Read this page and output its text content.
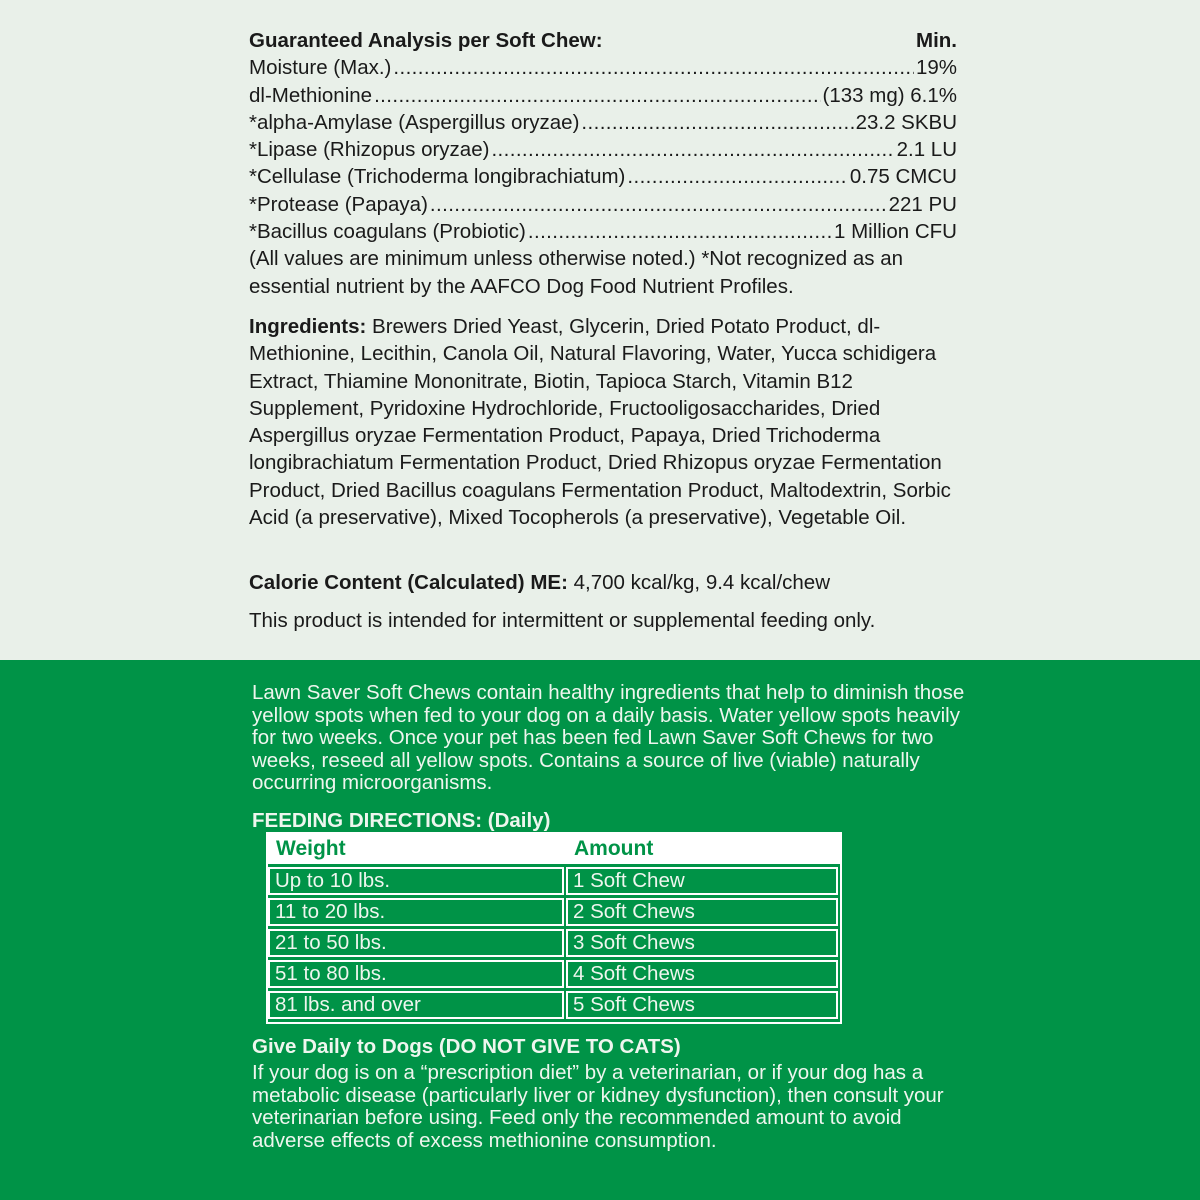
Guaranteed Analysis per Soft Chew:	Min.
Moisture (Max.) .....	19%
dl-Methionine .....	(133 mg) 6.1%
*alpha-Amylase (Aspergillus oryzae) .....	23.2 SKBU
*Lipase (Rhizopus oryzae) .....	2.1 LU
*Cellulase (Trichoderma longibrachiatum) .....	0.75 CMCU
*Protease (Papaya) .....	221 PU
*Bacillus coagulans (Probiotic) .....	1 Million CFU
(All values are minimum unless otherwise noted.) *Not recognized as an essential nutrient by the AAFCO Dog Food Nutrient Profiles.
Ingredients: Brewers Dried Yeast, Glycerin, Dried Potato Product, dl-Methionine, Lecithin, Canola Oil, Natural Flavoring, Water, Yucca schidigera Extract, Thiamine Mononitrate, Biotin, Tapioca Starch, Vitamin B12 Supplement, Pyridoxine Hydrochloride, Fructooligosaccharides, Dried Aspergillus oryzae Fermentation Product, Papaya, Dried Trichoderma longibrachiatum Fermentation Product, Dried Rhizopus oryzae Fermentation Product, Dried Bacillus coagulans Fermentation Product, Maltodextrin, Sorbic Acid (a preservative), Mixed Tocopherols (a preservative), Vegetable Oil.
Calorie Content (Calculated) ME: 4,700 kcal/kg, 9.4 kcal/chew
This product is intended for intermittent or supplemental feeding only.
Lawn Saver Soft Chews contain healthy ingredients that help to diminish those yellow spots when fed to your dog on a daily basis. Water yellow spots heavily for two weeks. Once your pet has been fed Lawn Saver Soft Chews for two weeks, reseed all yellow spots. Contains a source of live (viable) naturally occurring microorganisms.
FEEDING DIRECTIONS: (Daily)
Weight	Amount
Up to 10 lbs.	1 Soft Chew
11 to 20 lbs.	2 Soft Chews
21 to 50 lbs.	3 Soft Chews
51 to 80 lbs.	4 Soft Chews
81 lbs. and over	5 Soft Chews
Give Daily to Dogs (DO NOT GIVE TO CATS)
If your dog is on a “prescription diet” by a veterinarian, or if your dog has a metabolic disease (particularly liver or kidney dysfunction), then consult your veterinarian before using. Feed only the recommended amount to avoid adverse effects of excess methionine consumption.
